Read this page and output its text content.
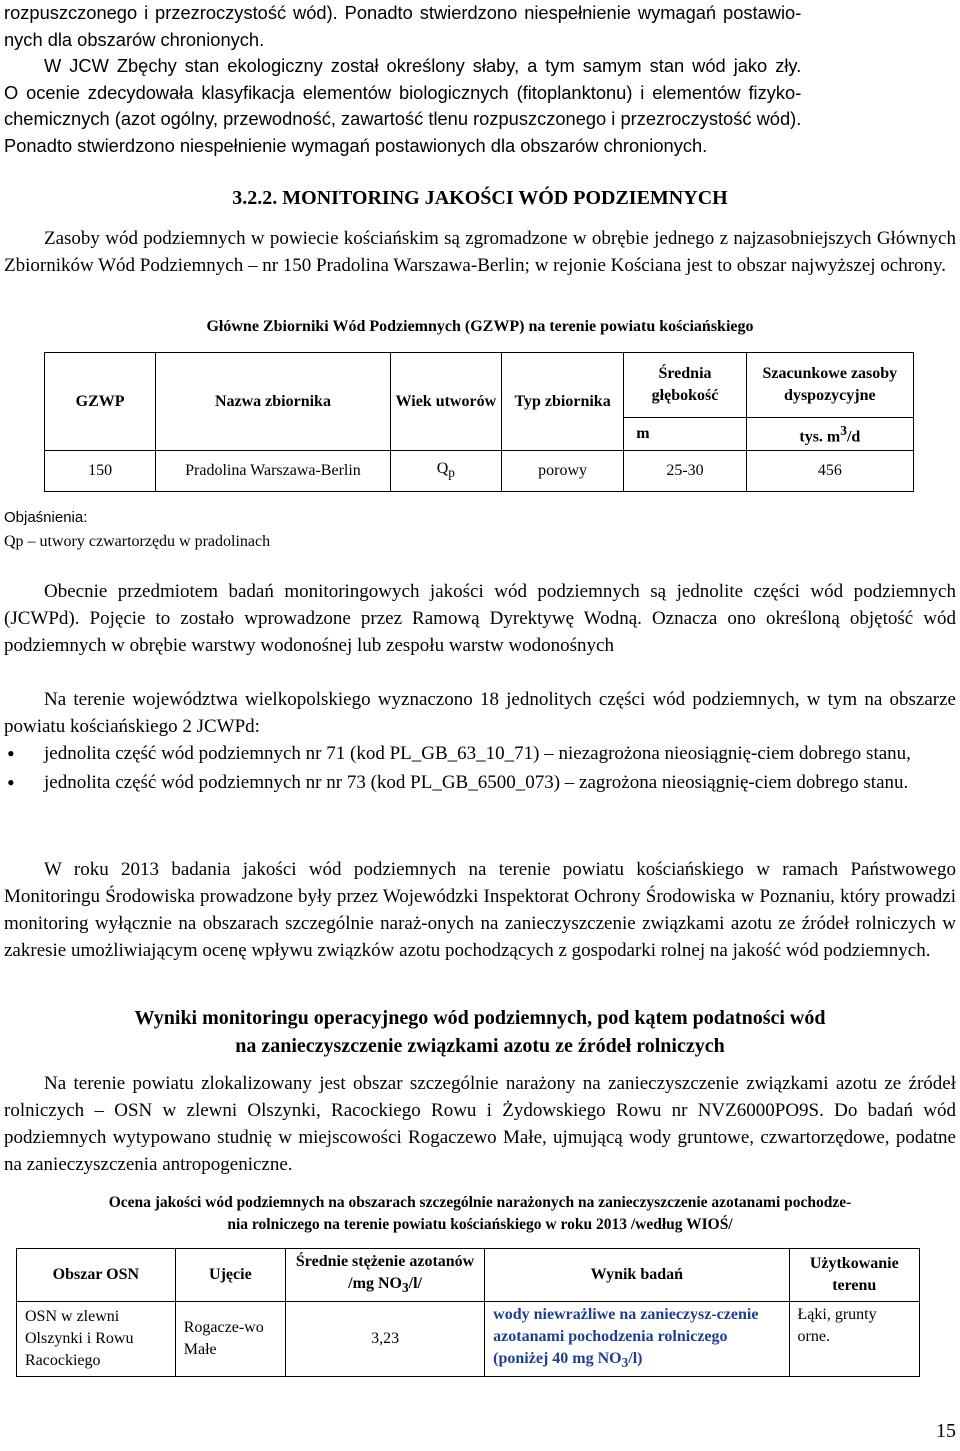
rozpuszczonego i przezroczystość wód). Ponadto stwierdzono niespełnienie wymagań postawio-

nych dla obszarów chronionych.

W JCW Zbęchy stan ekologiczny został określony słaby, a tym samym stan wód jako zły.

O ocenie zdecydowała klasyfikacja elementów biologicznych (fitoplanktonu) i elementów fizyko-

chemicznych (azot ogólny, przewodność, zawartość tlenu rozpuszczonego i przezroczystość wód).

Ponadto stwierdzono niespełnienie wymagań postawionych dla obszarów chronionych.

3.2.2. MONITORING JAKOŚCI WÓD PODZIEMNYCH

Zasoby wód podziemnych w powiecie kościańskim są zgromadzone w obrębie jednego z najzasobniejszych Głównych Zbiorników Wód Podziemnych – nr 150 Pradolina Warszawa-Berlin; w rejonie Kościana jest to obszar najwyższej ochrony.

Główne Zbiorniki Wód Podziemnych (GZWP) na terenie powiatu kościańskiego
GZWP	Nazwa zbiornika	Wiek utworów	Typ zbiornika	Średnia głębokość	Szacunkowe zasoby dyspozycyjne
				m	tys. $m^3/d$
150	Pradolina Warszawa-Berlin	$Q_p$	porowy	25-30	456
Objaśnienia:
Qp – utwory czwartorzędu w pradolinach

Obecnie przedmiotem badań monitoringowych jakości wód podziemnych są jednolite części wód podziemnych (JCWPd). Pojęcie to zostało wprowadzone przez Ramową Dyrektywę Wodną. Oznacza ono określoną objętość wód podziemnych w obrębie warstwy wodonośnej lub zespołu warstw wodonośnych

Na terenie województwa wielkopolskiego wyznaczono 18 jednolitych części wód podziemnych, w tym na obszarze powiatu kościańskiego 2 JCWPd:

• jednolita część wód podziemnych nr 71 (kod PL_GB_63_10_71) – niezagrożona nieosiągnię-ciem dobrego stanu,
• jednolita część wód podziemnych nr nr 73 (kod PL_GB_6500_073) – zagrożona nieosiągnię-ciem dobrego stanu.

W roku 2013 badania jakości wód podziemnych na terenie powiatu kościańskiego w ramach Państwowego Monitoringu Środowiska prowadzone były przez Wojewódzki Inspektorat Ochrony Środowiska w Poznaniu, który prowadzi monitoring wyłącznie na obszarach szczególnie naraż-onych na zanieczyszczenie związkami azotu ze źródeł rolniczych w zakresie umożliwiającym ocenę wpływu związków azotu pochodzących z gospodarki rolnej na jakość wód podziemnych.

Wyniki monitoringu operacyjnego wód podziemnych, pod kątem podatności wód
na zanieczyszczenie związkami azotu ze źródeł rolniczych

Na terenie powiatu zlokalizowany jest obszar szczególnie narażony na zanieczyszczenie związkami azotu ze źródeł rolniczych – OSN w zlewni Olszynki, Racockiego Rowu i Żydowskiego Rowu nr NVZ6000PO9S. Do badań wód podziemnych wytypowano studnię w miejscowości Rogaczewo Małe, ujmującą wody gruntowe, czwartorzędowe, podatne na zanieczyszczenia antropogeniczne.

Ocena jakości wód podziemnych na obszarach szczególnie narażonych na zanieczyszczenie azotanami pochodze-
nia rolniczego na terenie powiatu kościańskiego w roku 2013 /według WIOŚ/
Obszar OSN	Ujęcie	Średnie stężenie azotanów /mg $NO_3/l/$	Wynik badań	Użytkowanie terenu
OSN w zlewni Olszynki i Rowu Racockiego	Rogacze-wo Małe	3,23	wody niewrażliwe na zanieczysz-czenie azotanami pochodzenia rolniczego (poniżej 40 mg $NO_3/l$)	Łąki, grunty orne.
15
